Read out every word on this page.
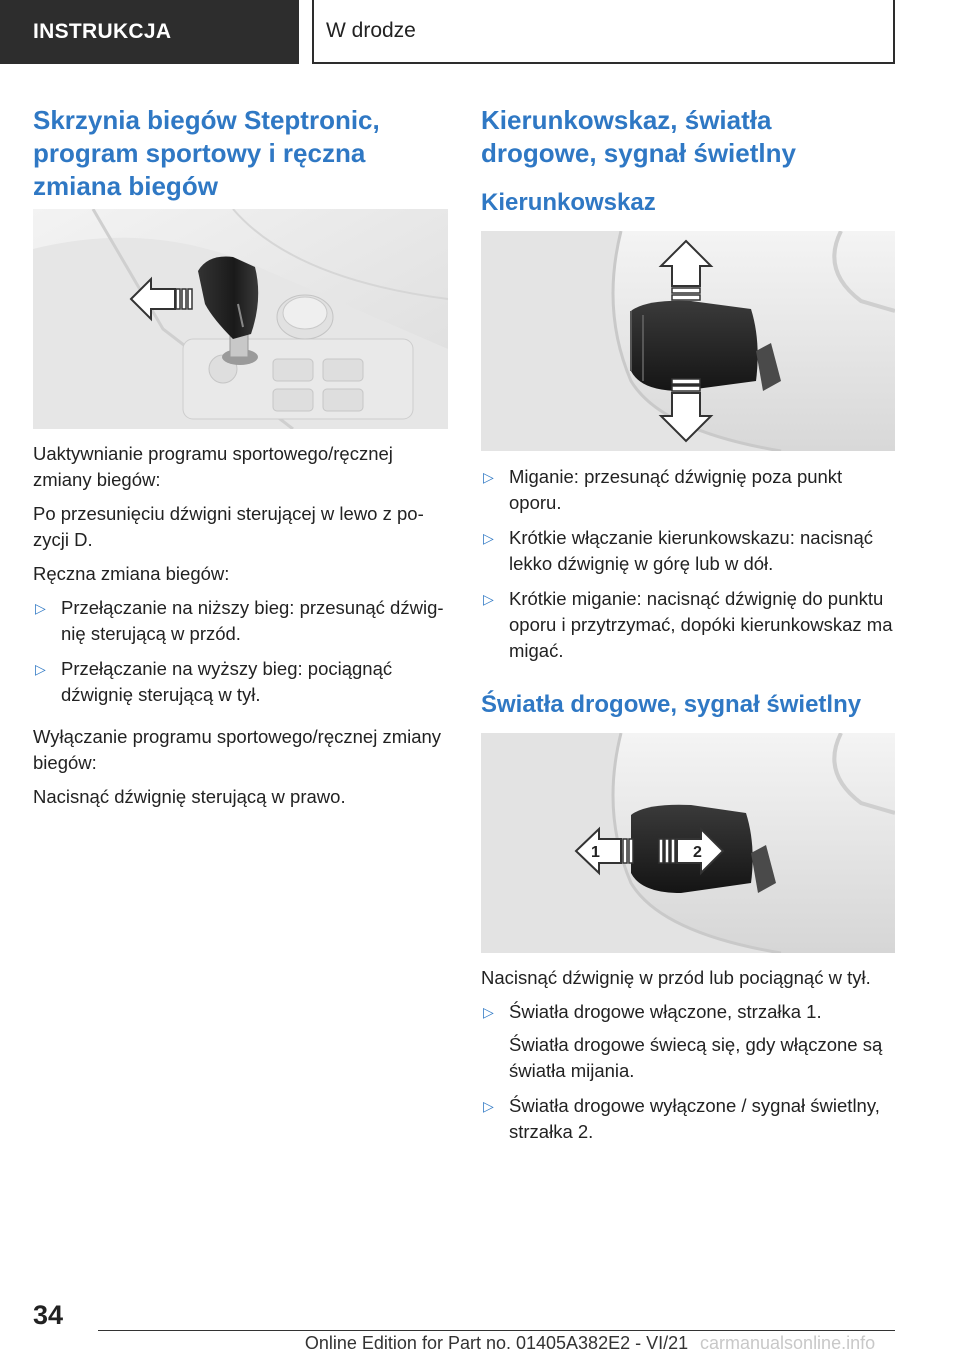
INSTRUKCJA	W drodze
Skrzynia biegów Steptronic,
program sportowy i ręczna
zmiana biegów

Uaktywnianie programu sportowego/ręcznej zmiany biegów:

Po przesunięciu dźwigni sterującej w lewo z po-zycji D.

Ręczna zmiana biegów:

▷ Przełączanie na niższy bieg: przesunąć dźwig-nię sterującą w przód.
▷ Przełączanie na wyższy bieg: pociągnąć dźwignię sterującą w tył.

Wyłączanie programu sportowego/ręcznej zmiany biegów:

Nacisnąć dźwignię sterującą w prawo.

Kierunkowskaz, światła
drogowe, sygnał świetlny
Kierunkowskaz
▷ Miganie: przesunąć dźwignię poza punkt oporu.
▷ Krótkie włączanie kierunkowskazu: nacisnąć lekko dźwignię w górę lub w dół.
▷ Krótkie miganie: nacisnąć dźwignię do punktu oporu i przytrzymać, dopóki kierunkowskaz ma migać.
Światła drogowe, sygnał świetlny
1	2

Nacisnąć dźwignię w przód lub pociągnąć w tył.

▷ Światła drogowe włączone, strzałka 1.

Światła drogowe świecą się, gdy włączone są światła mijania.

▷ Światła drogowe wyłączone / sygnał świetlny, strzałka 2.
34
Online Edition for Part no. 01405A382E2 - VI/21 carmanualsonline.info
